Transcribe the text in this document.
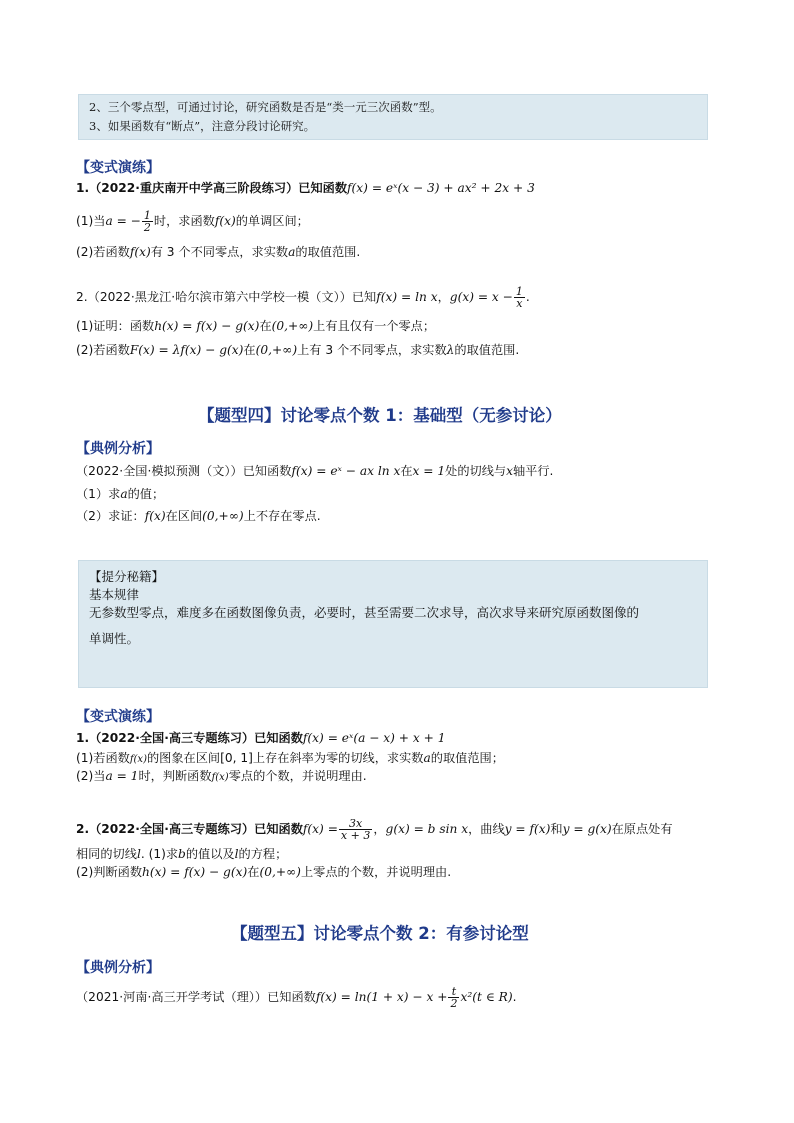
2、三个零点型，可通过讨论，研究函数是否是“类一元三次函数”型。
3、如果函数有“断点”，注意分段讨论研究。
【变式演练】
1.（2022·重庆南开中学高三阶段练习）已知函数f(x) = eˣ(x − 3) + ax² + 2x + 3
(1)当a = − $\frac{1}{2}$ 时，求函数f(x)的单调区间；
(2)若函数f(x)有 3 个不同零点，求实数a的取值范围.
2.（2022·黑龙江·哈尔滨市第六中学校一模（文））已知f(x) = ln x，$g(x) = x - \frac{1}{x}$ .
(1)证明：函数h(x) = f(x) − g(x)在(0,+∞)上有且仅有一个零点；
(2)若函数F(x) = λf(x) − g(x)在(0,+∞)上有 3 个不同零点，求实数λ的取值范围.
【题型四】讨论零点个数 1：基础型（无参讨论）
【典例分析】
（2022·全国·模拟预测（文））已知函数f(x) = eˣ − ax ln x在x = 1处的切线与x轴平行.
（1）求a的值；
（2）求证：f(x)在区间(0,+∞)上不存在零点.
【提分秘籍】
基本规律
无参数型零点，难度多在函数图像负责，必要时，甚至需要二次求导，高次求导来研究原函数图像的
单调性。
【变式演练】
1.（2022·全国·高三专题练习）已知函数f(x) = eˣ(a − x) + x + 1
(1)若函数f(x)的图象在区间[0, 1]上存在斜率为零的切线，求实数a的取值范围；
(2)当a = 1时，判断函数f(x)零点的个数，并说明理由.
2.（2022·全国·高三专题练习）已知函数$f(x) = \frac{3x}{x + 3}$ ，g(x) = b sin x，曲线y = f(x)和y = g(x)在原点处有
相同的切线l. (1)求b的值以及l的方程；
(2)判断函数h(x) = f(x) − g(x)在(0,+∞)上零点的个数，并说明理由.
【题型五】讨论零点个数 2：有参讨论型
【典例分析】
（2021·河南·高三开学考试（理））已知函数$f(x) = \ln(1 + x) - x + \frac{t}{2} x^2(t$ ∈ R).
